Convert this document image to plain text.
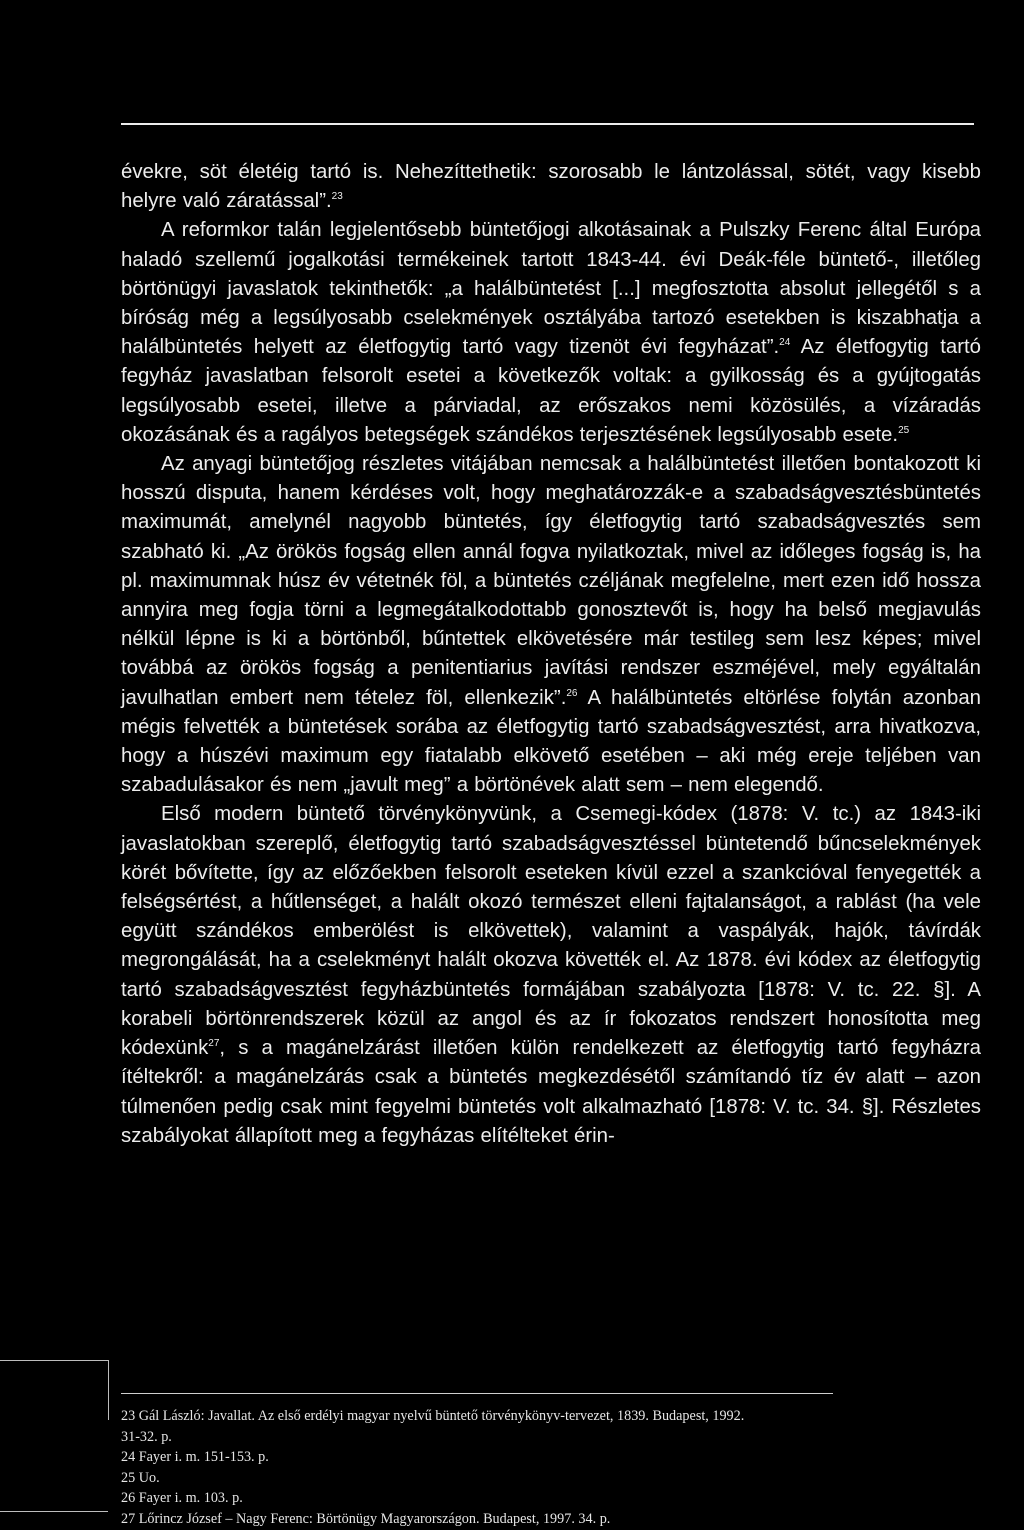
évekre, söt életéig tartó is. Nehezíttethetik: szorosabb le lántzolással, sötét, vagy kisebb helyre való záratással”.$^{23}$

A reformkor talán legjelentősebb büntetőjogi alkotásainak a Pulszky Ferenc által Európa haladó szellemű jogalkotási termékeinek tartott 1843-44. évi Deák-féle büntető-, illetőleg börtönügyi javaslatok tekinthetők: „a halálbüntetést [...] megfosztotta absolut jellegétől s a bíróság még a legsúlyosabb cselekmények osztályába tartozó esetekben is kiszabhatja a halálbüntetés helyett az életfogytig tartó vagy tizenöt évi fegyházat”.$^{24}$ Az életfogytig tartó fegyház javaslatban felsorolt esetei a következők voltak: a gyilkosság és a gyújtogatás legsúlyosabb esetei, illetve a párviadal, az erőszakos nemi közösülés, a vízáradás okozásának és a ragályos betegségek szándékos terjesztésének legsúlyosabb esete.$^{25}$

Az anyagi büntetőjog részletes vitájában nemcsak a halálbüntetést illetően bontakozott ki hosszú disputa, hanem kérdéses volt, hogy meghatározzák-e a szabadságvesztésbüntetés maximumát, amelynél nagyobb büntetés, így életfogytig tartó szabadságvesztés sem szabható ki. „Az örökös fogság ellen annál fogva nyilatkoztak, mivel az időleges fogság is, ha pl. maximumnak húsz év vétetnék föl, a büntetés czéljának megfelelne, mert ezen idő hossza annyira meg fogja törni a legmegátalkodottabb gonosztevőt is, hogy ha belső megjavulás nélkül lépne is ki a börtönből, bűntettek elkövetésére már testileg sem lesz képes; mivel továbbá az örökös fogság a penitentiarius javítási rendszer eszméjével, mely egyáltalán javulhatlan embert nem tételez föl, ellenkezik”.$^{26}$ A halálbüntetés eltörlése folytán azonban mégis felvették a büntetések sorába az életfogytig tartó szabadságvesztést, arra hivatkozva, hogy a húszévi maximum egy fiatalabb elkövető esetében – aki még ereje teljében van szabadulásakor és nem „javult meg” a börtönévek alatt sem – nem elegendő.

Első modern büntető törvénykönyvünk, a Csemegi-kódex (1878: V. tc.) az 1843-iki javaslatokban szereplő, életfogytig tartó szabadságvesztéssel büntetendő bűncselekmények körét bővítette, így az előzőekben felsorolt eseteken kívül ezzel a szankcióval fenyegették a felségsértést, a hűtlenséget, a halált okozó természet elleni fajtalanságot, a rablást (ha vele együtt szándékos emberölést is elkövettek), valamint a vaspályák, hajók, távírdák megrongálását, ha a cselekményt halált okozva követték el. Az 1878. évi kódex az életfogytig tartó szabadságvesztést fegyházbüntetés formájában szabályozta [1878: V. tc. 22. §]. A korabeli börtönrendszerek közül az angol és az ír fokozatos rendszert honosította meg kódexünk$^{27}$, s a magánelzárást illetően külön rendelkezett az életfogytig tartó fegyházra ítéltekről: a magánelzárás csak a büntetés megkezdésétől számítandó tíz év alatt – azon túlmenően pedig csak mint fegyelmi büntetés volt alkalmazható [1878: V. tc. 34. §]. Részletes szabályokat állapított meg a fegyházas elítélteket érin-

23 Gál László: Javallat. Az első erdélyi magyar nyelvű büntető törvénykönyv-tervezet, 1839. Budapest, 1992.
31-32. p.
24 Fayer i. m. 151-153. p.
25 Uo.
26 Fayer i. m. 103. p.
27 Lőrincz József – Nagy Ferenc: Börtönügy Magyarországon. Budapest, 1997. 34. p.
